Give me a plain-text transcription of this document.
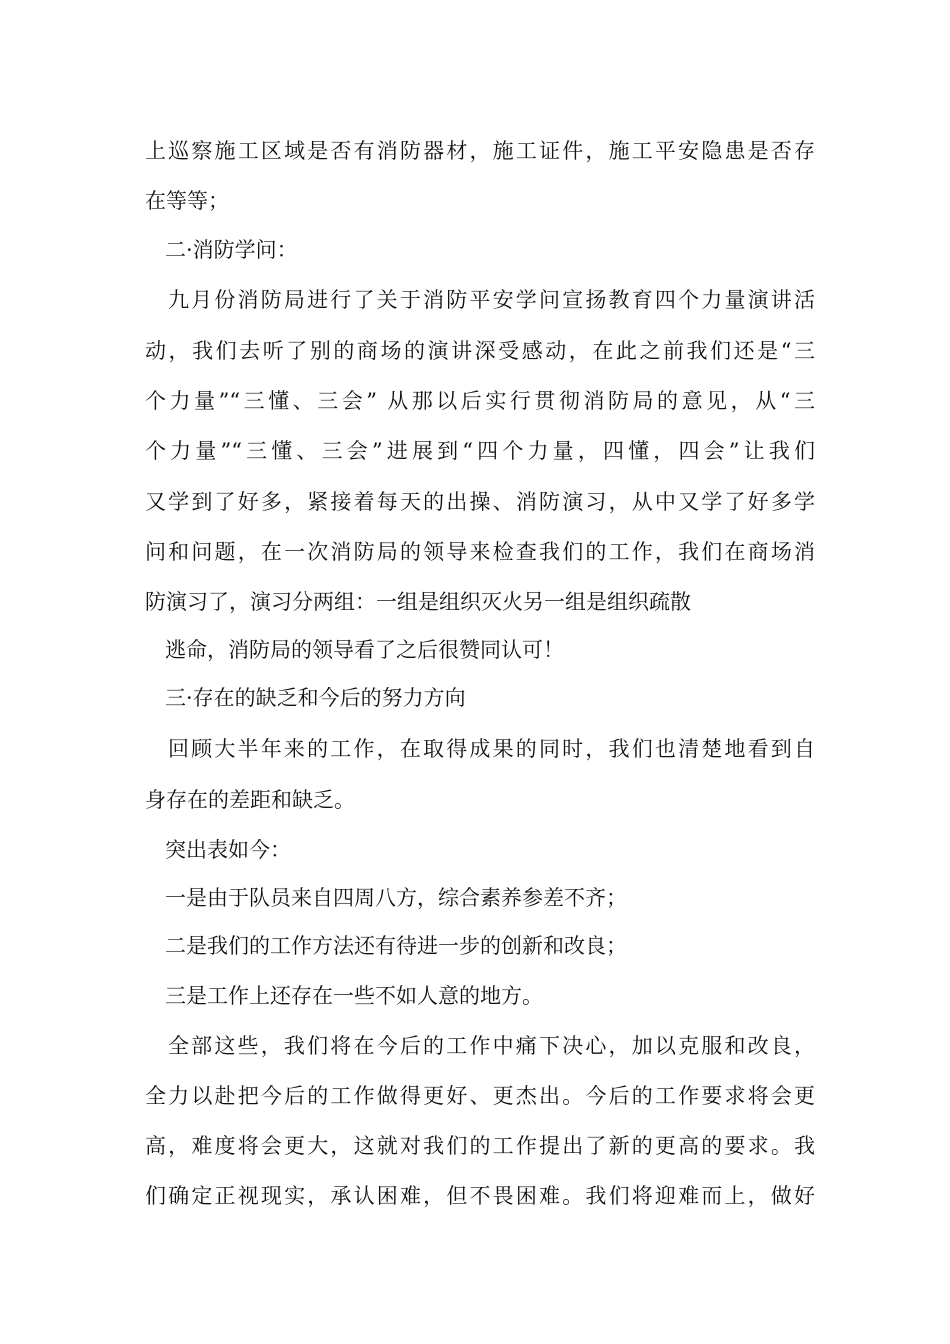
上巡察施工区域是否有消防器材，施工证件，施工平安隐患是否存
在等等；
二·消防学问：
九月份消防局进行了关于消防平安学问宣扬教育四个力量演讲活
动，我们去听了别的商场的演讲深受感动，在此之前我们还是“三
个力量”“三懂、三会” 从那以后实行贯彻消防局的意见，从“三
个力量”“三懂、三会”进展到“四个力量，四懂，四会”让我们
又学到了好多，紧接着每天的出操、消防演习，从中又学了好多学
问和问题，在一次消防局的领导来检查我们的工作，我们在商场消
防演习了，演习分两组：一组是组织灭火另一组是组织疏散
逃命，消防局的领导看了之后很赞同认可！
三·存在的缺乏和今后的努力方向
回顾大半年来的工作，在取得成果的同时，我们也清楚地看到自
身存在的差距和缺乏。
突出表如今：
一是由于队员来自四周八方，综合素养参差不齐；
二是我们的工作方法还有待进一步的创新和改良；
三是工作上还存在一些不如人意的地方。
全部这些，我们将在今后的工作中痛下决心，加以克服和改良，
全力以赴把今后的工作做得更好、更杰出。今后的工作要求将会更
高，难度将会更大，这就对我们的工作提出了新的更高的要求。我
们确定正视现实，承认困难，但不畏困难。我们将迎难而上，做好
